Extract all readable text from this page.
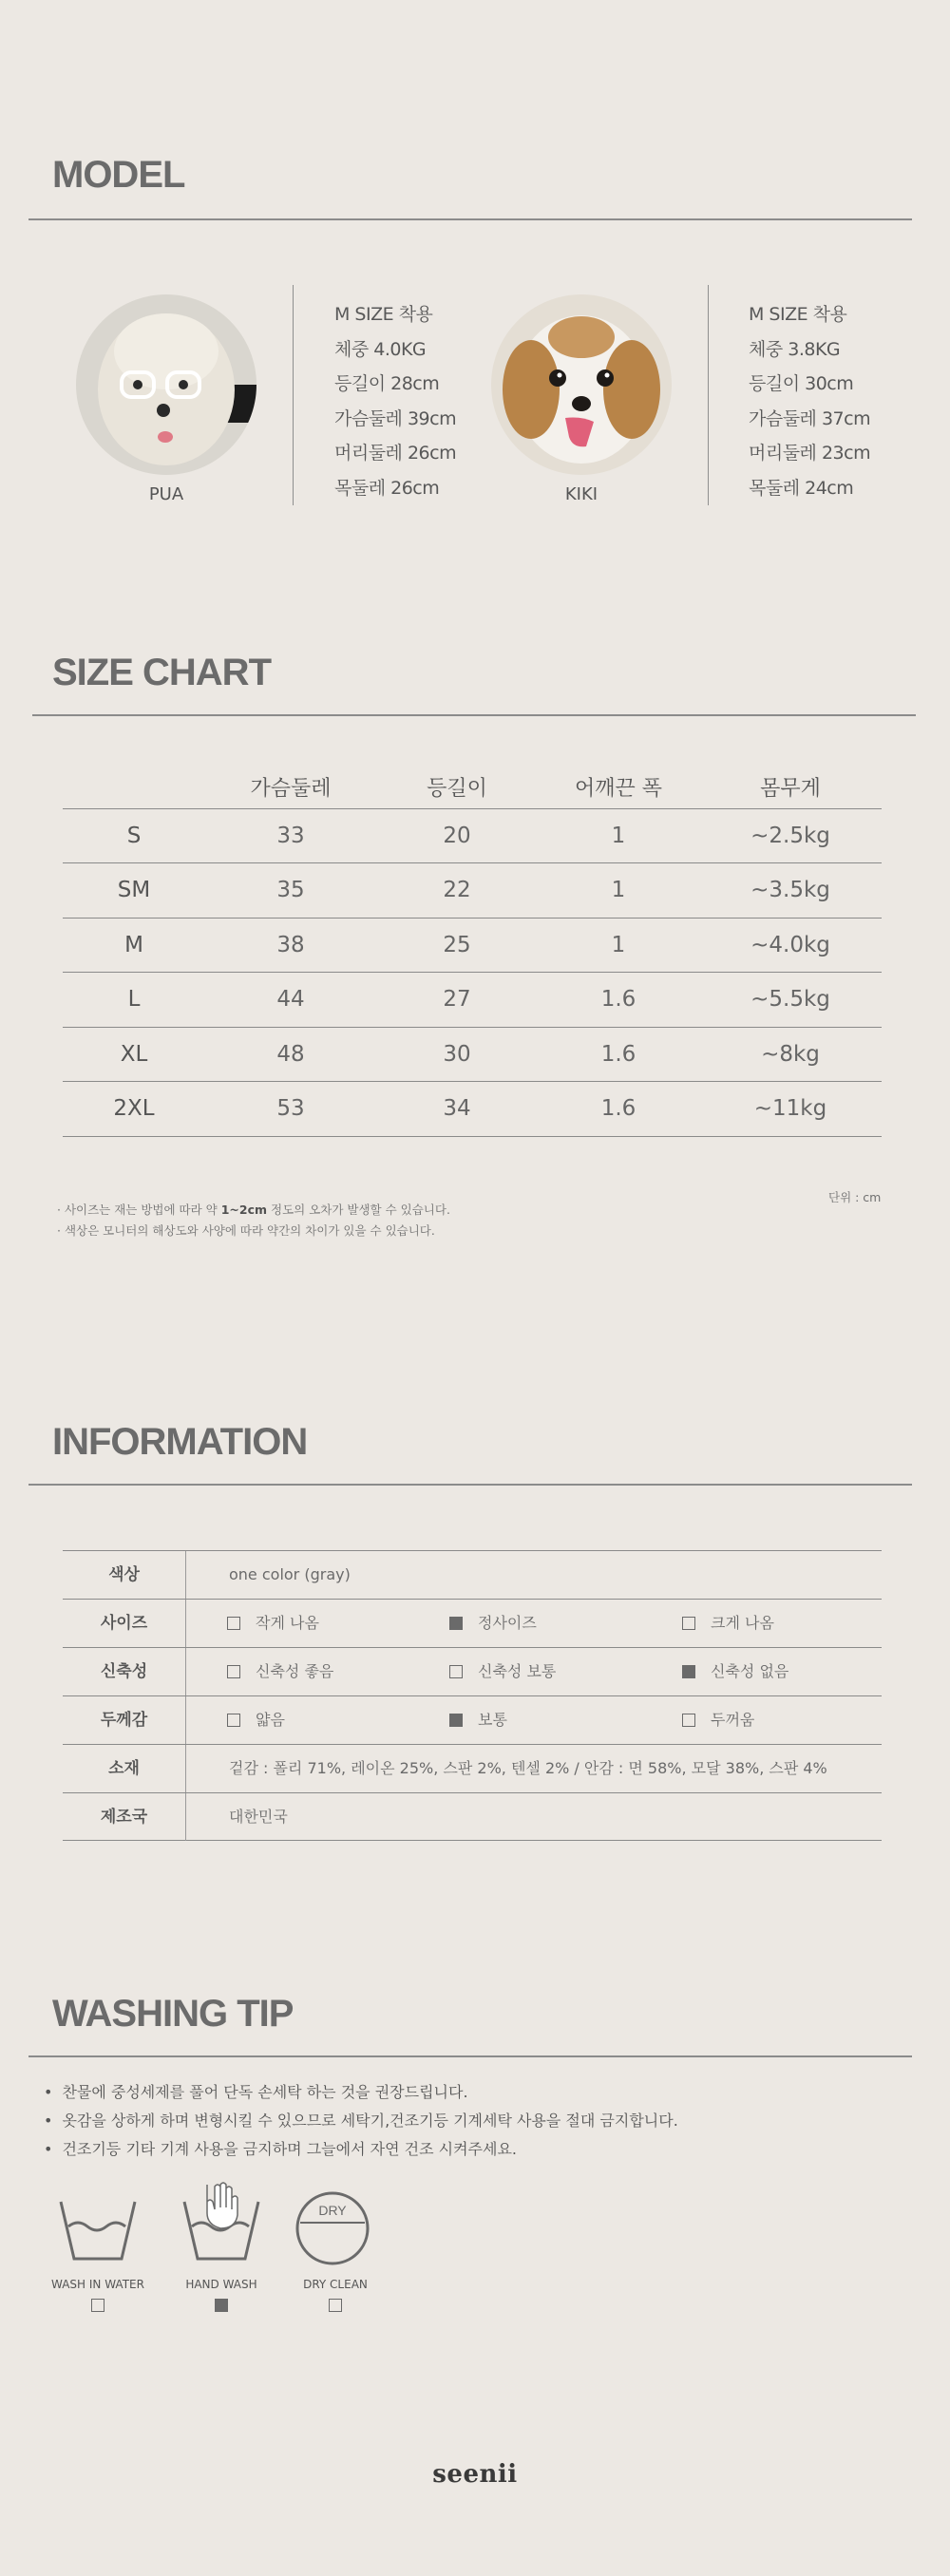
MODEL
PUA
M SIZE 착용
체중 4.0KG
등길이 28cm
가슴둘레 39cm
머리둘레 26cm
목둘레 26cm	KIKI
M SIZE 착용
체중 3.8KG
등길이 30cm
가슴둘레 37cm
머리둘레 23cm
목둘레 24cm
SIZE CHART
	가슴둘레	등길이	어깨끈 폭	몸무게
S	33	20	1	~2.5kg
SM	35	22	1	~3.5kg
M	38	25	1	~4.0kg
L	44	27	1.6	~5.5kg
XL	48	30	1.6	~8kg
2XL	53	34	1.6	~11kg
단위 : cm
· 사이즈는 재는 방법에 따라 약 1~2cm 정도의 오차가 발생할 수 있습니다.
· 색상은 모니터의 해상도와 사양에 따라 약간의 차이가 있을 수 있습니다.
INFORMATION
색상	one color (gray)
사이즈	작게 나옴	정사이즈	크게 나옴
신축성	신축성 좋음	신축성 보통	신축성 없음
두께감	얇음	보통	두꺼움
소재	겉감 : 폴리 71%, 레이온 25%, 스판 2%, 텐셀 2% / 안감 : 면 58%, 모달 38%, 스판 4%
제조국	대한민국
WASHING TIP
• 찬물에 중성세제를 풀어 단독 손세탁 하는 것을 권장드립니다.
• 옷감을 상하게 하며 변형시킬 수 있으므로 세탁기,건조기등 기계세탁 사용을 절대 금지합니다.
• 건조기등 기타 기계 사용을 금지하며 그늘에서 자연 건조 시켜주세요.
WASH IN WATER	HAND WASH
DRY
DRY CLEAN
seenii
